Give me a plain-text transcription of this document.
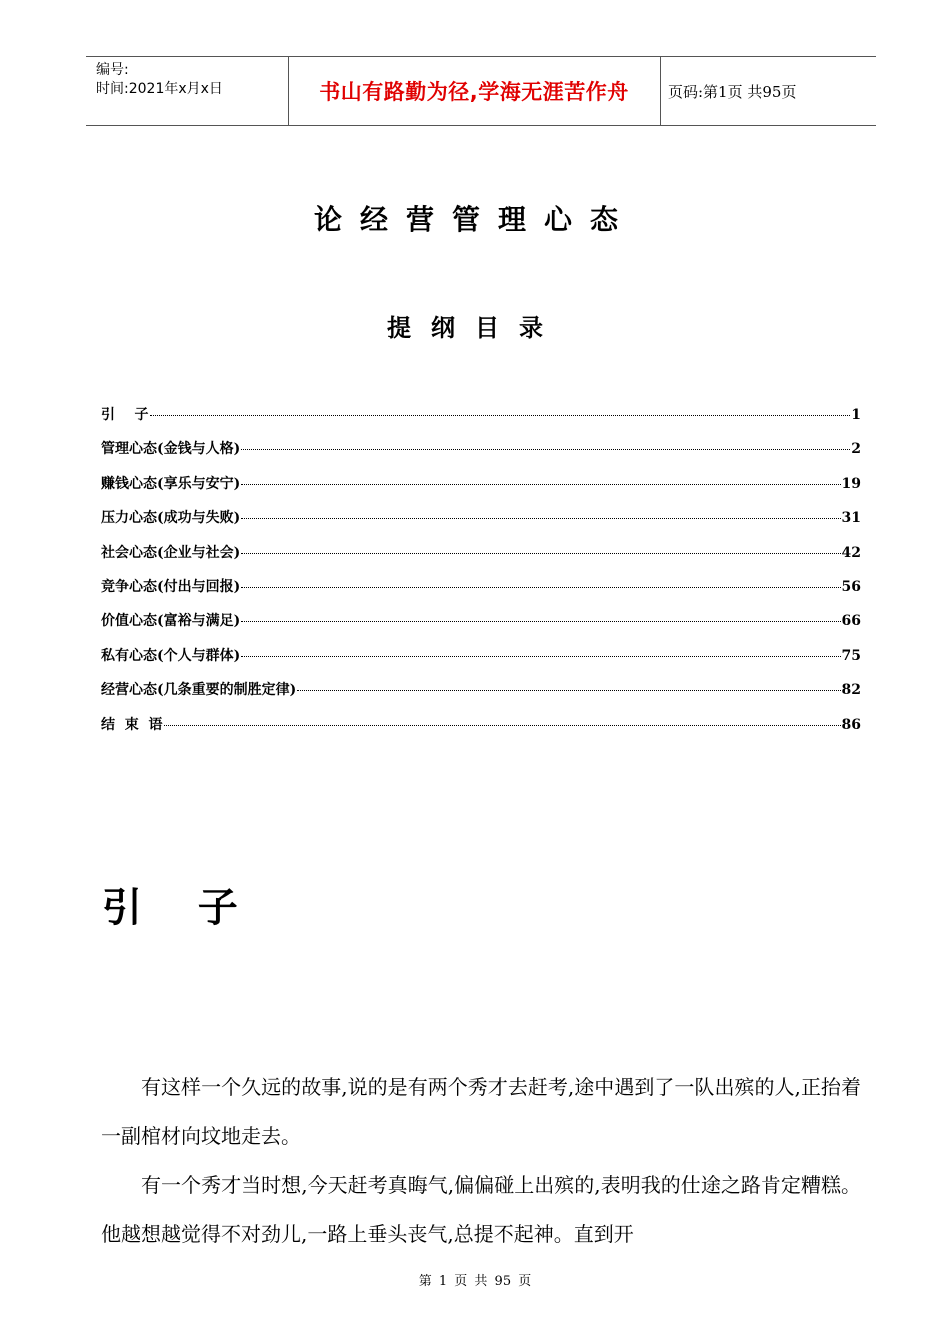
编号:
时间:2021年x月x日	书山有路勤为径,学海无涯苦作舟	页码:第1页 共95页
论经营管理心态
提纲目录
引    子	1
管理心态(金钱与人格)	2
赚钱心态(享乐与安宁)	19
压力心态(成功与失败)	31
社会心态(企业与社会)	42
竞争心态(付出与回报)	56
价值心态(富裕与满足)	66
私有心态(个人与群体)	75
经营心态(几条重要的制胜定律)	82
结  束  语	86
引    子

有这样一个久远的故事,说的是有两个秀才去赶考,途中遇到了一队出殡的人,正抬着一副棺材向坟地走去。

有一个秀才当时想,今天赶考真晦气,偏偏碰上出殡的,表明我的仕途之路肯定糟糕。他越想越觉得不对劲儿,一路上垂头丧气,总提不起神。直到开

第 1 页 共 95 页
